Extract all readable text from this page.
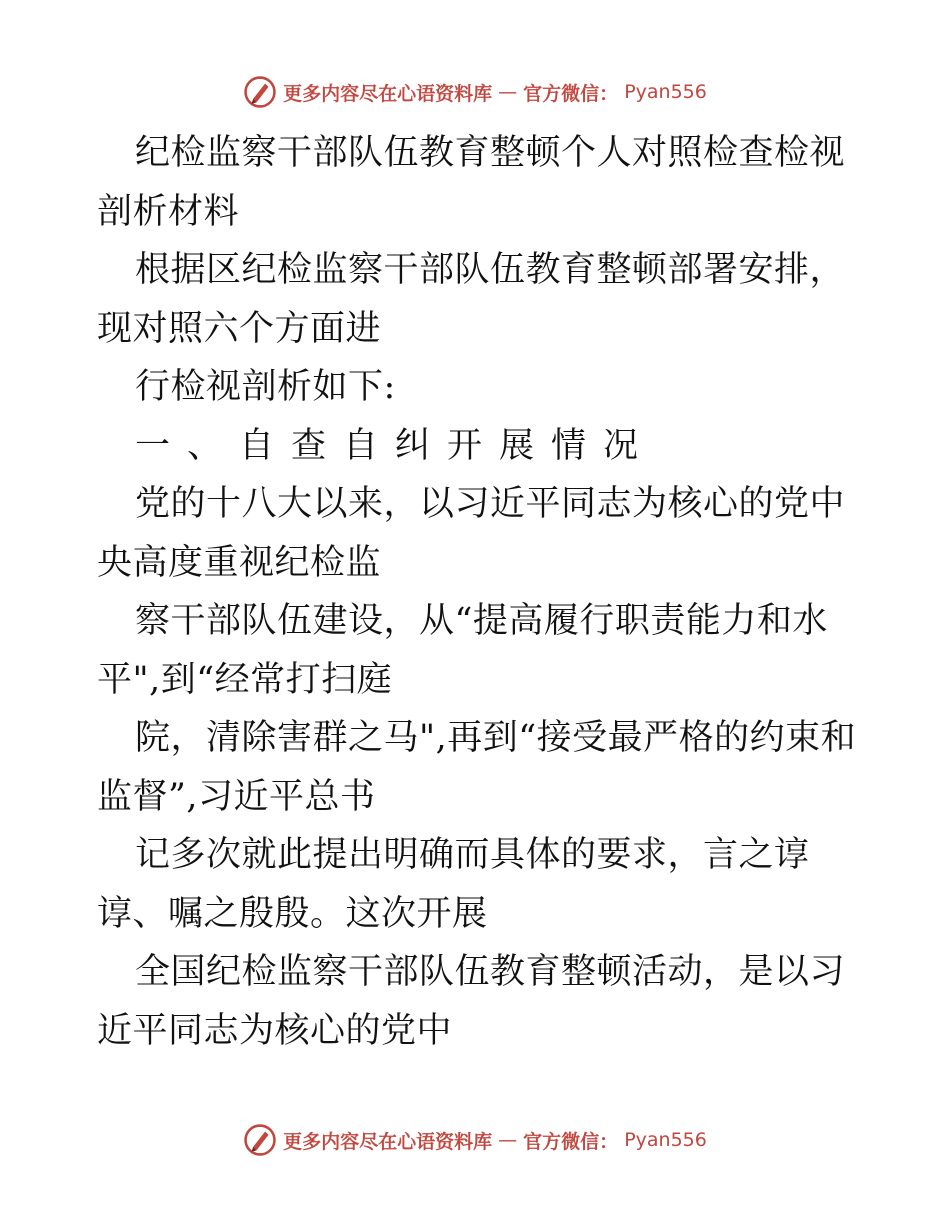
更多内容尽在心语资料库 — 官方微信： Pyan556

纪检监察干部队伍教育整顿个人对照检查检视剖析材料

根据区纪检监察干部队伍教育整顿部署安排，现对照六个方面进

行检视剖析如下:

一、自查自纠开展情况

党的十八大以来，以习近平同志为核心的党中央高度重视纪检监

察干部队伍建设，从“提高履行职责能力和水平",到“经常打扫庭

院，清除害群之马",再到“接受最严格的约束和监督”,习近平总书

记多次就此提出明确而具体的要求，言之谆谆、嘱之殷殷。这次开展

全国纪检监察干部队伍教育整顿活动，是以习近平同志为核心的党中

更多内容尽在心语资料库 — 官方微信： Pyan556
